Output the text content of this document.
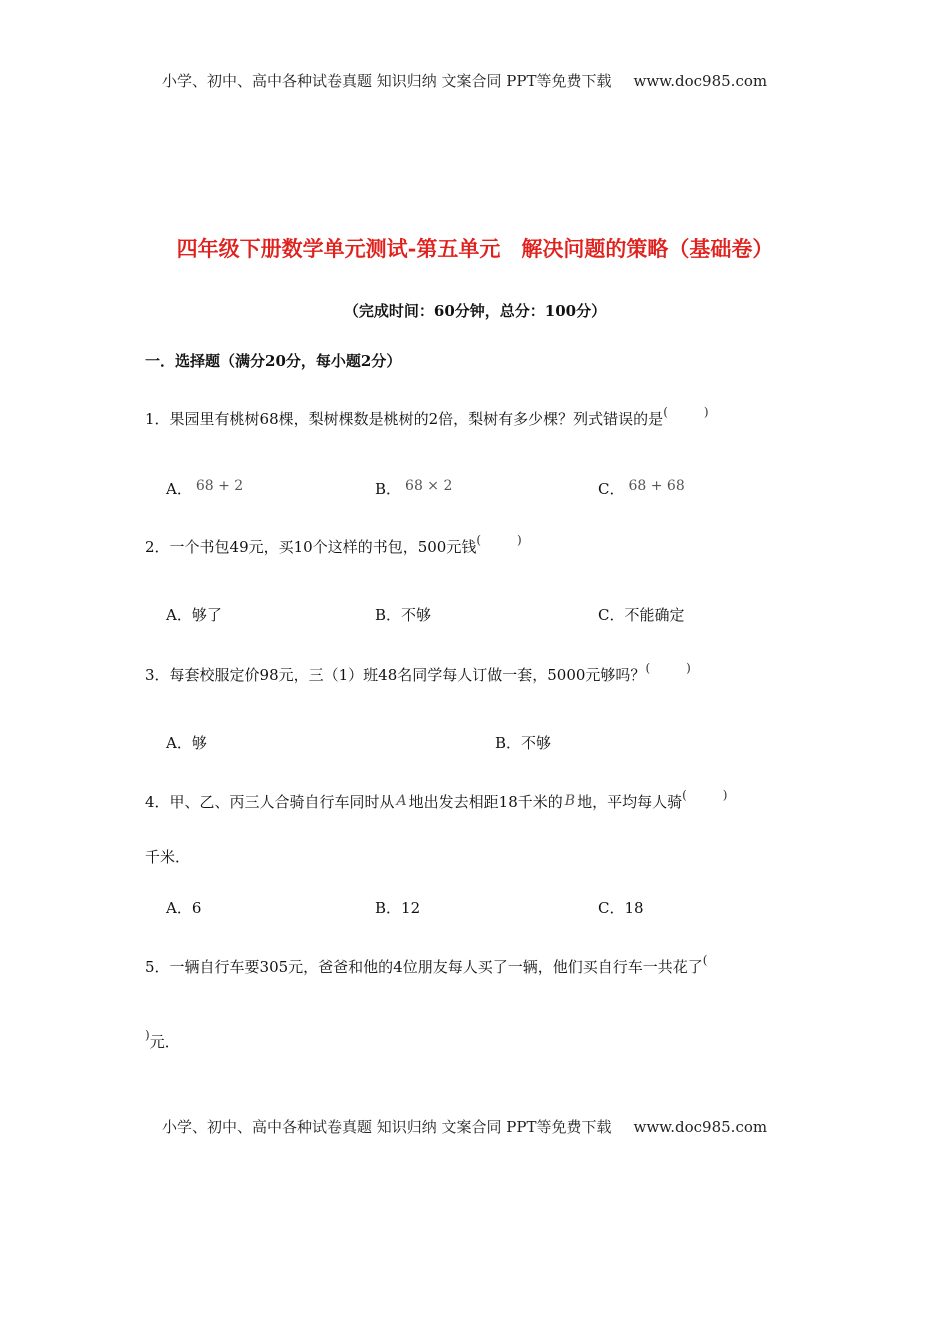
小学、初中、高中各种试卷真题 知识归纳 文案合同 PPT等免费下载 www.doc985.com
四年级下册数学单元测试-第五单元　解决问题的策略（基础卷）
（完成时间：60分钟，总分：100分）
一．选择题（满分20分，每小题2分）
1．果园里有桃树68棵，梨树棵数是桃树的2倍，梨树有多少棵？列式错误的是(	)
A． 68 + 2	B． 68 × 2	C． 68 + 68
2．一个书包49元，买10个这样的书包，500元钱(	)
A．够了	B．不够	C．不能确定
3．每套校服定价98元，三（1）班48名同学每人订做一套，5000元够吗？(	)
A．够	B．不够
4．甲、乙、丙三人合骑自行车同时从 A 地出发去相距18千米的 B 地，平均每人骑(	)
千米．
A．6	B．12	C．18
5．一辆自行车要305元，爸爸和他的4位朋友每人买了一辆，他们买自行车一共花了(
)元．
小学、初中、高中各种试卷真题 知识归纳 文案合同 PPT等免费下载 www.doc985.com
